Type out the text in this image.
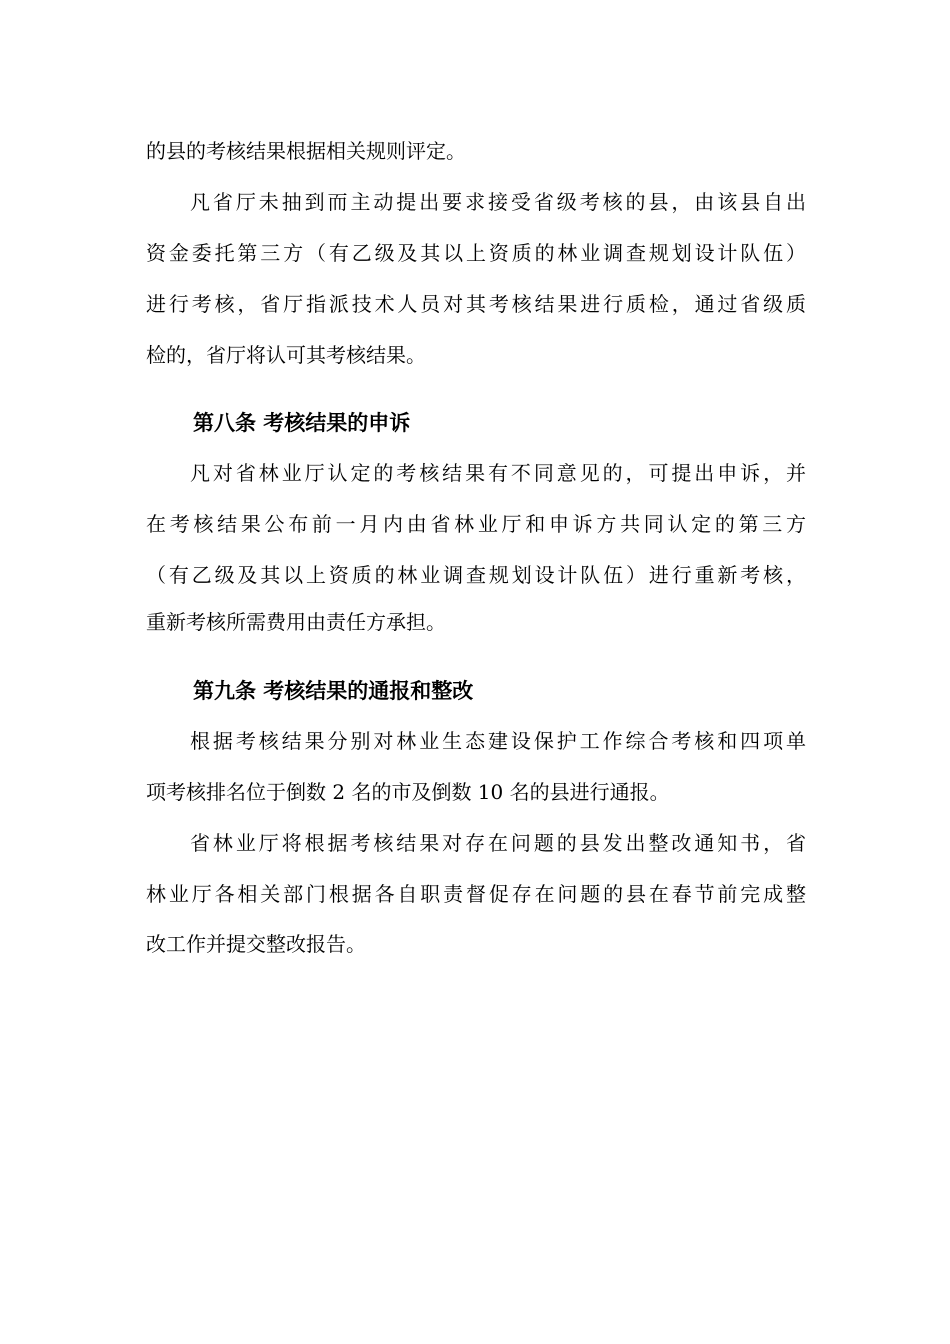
的县的考核结果根据相关规则评定。
凡省厅未抽到而主动提出要求接受省级考核的县，由该县自出
资金委托第三方（有乙级及其以上资质的林业调查规划设计队伍）
进行考核，省厅指派技术人员对其考核结果进行质检，通过省级质
检的，省厅将认可其考核结果。
第八条 考核结果的申诉
凡对省林业厅认定的考核结果有不同意见的，可提出申诉，并
在考核结果公布前一月内由省林业厅和申诉方共同认定的第三方
（有乙级及其以上资质的林业调查规划设计队伍）进行重新考核，
重新考核所需费用由责任方承担。
第九条 考核结果的通报和整改
根据考核结果分别对林业生态建设保护工作综合考核和四项单
项考核排名位于倒数 2 名的市及倒数 10 名的县进行通报。
省林业厅将根据考核结果对存在问题的县发出整改通知书，省
林业厅各相关部门根据各自职责督促存在问题的县在春节前完成整
改工作并提交整改报告。
